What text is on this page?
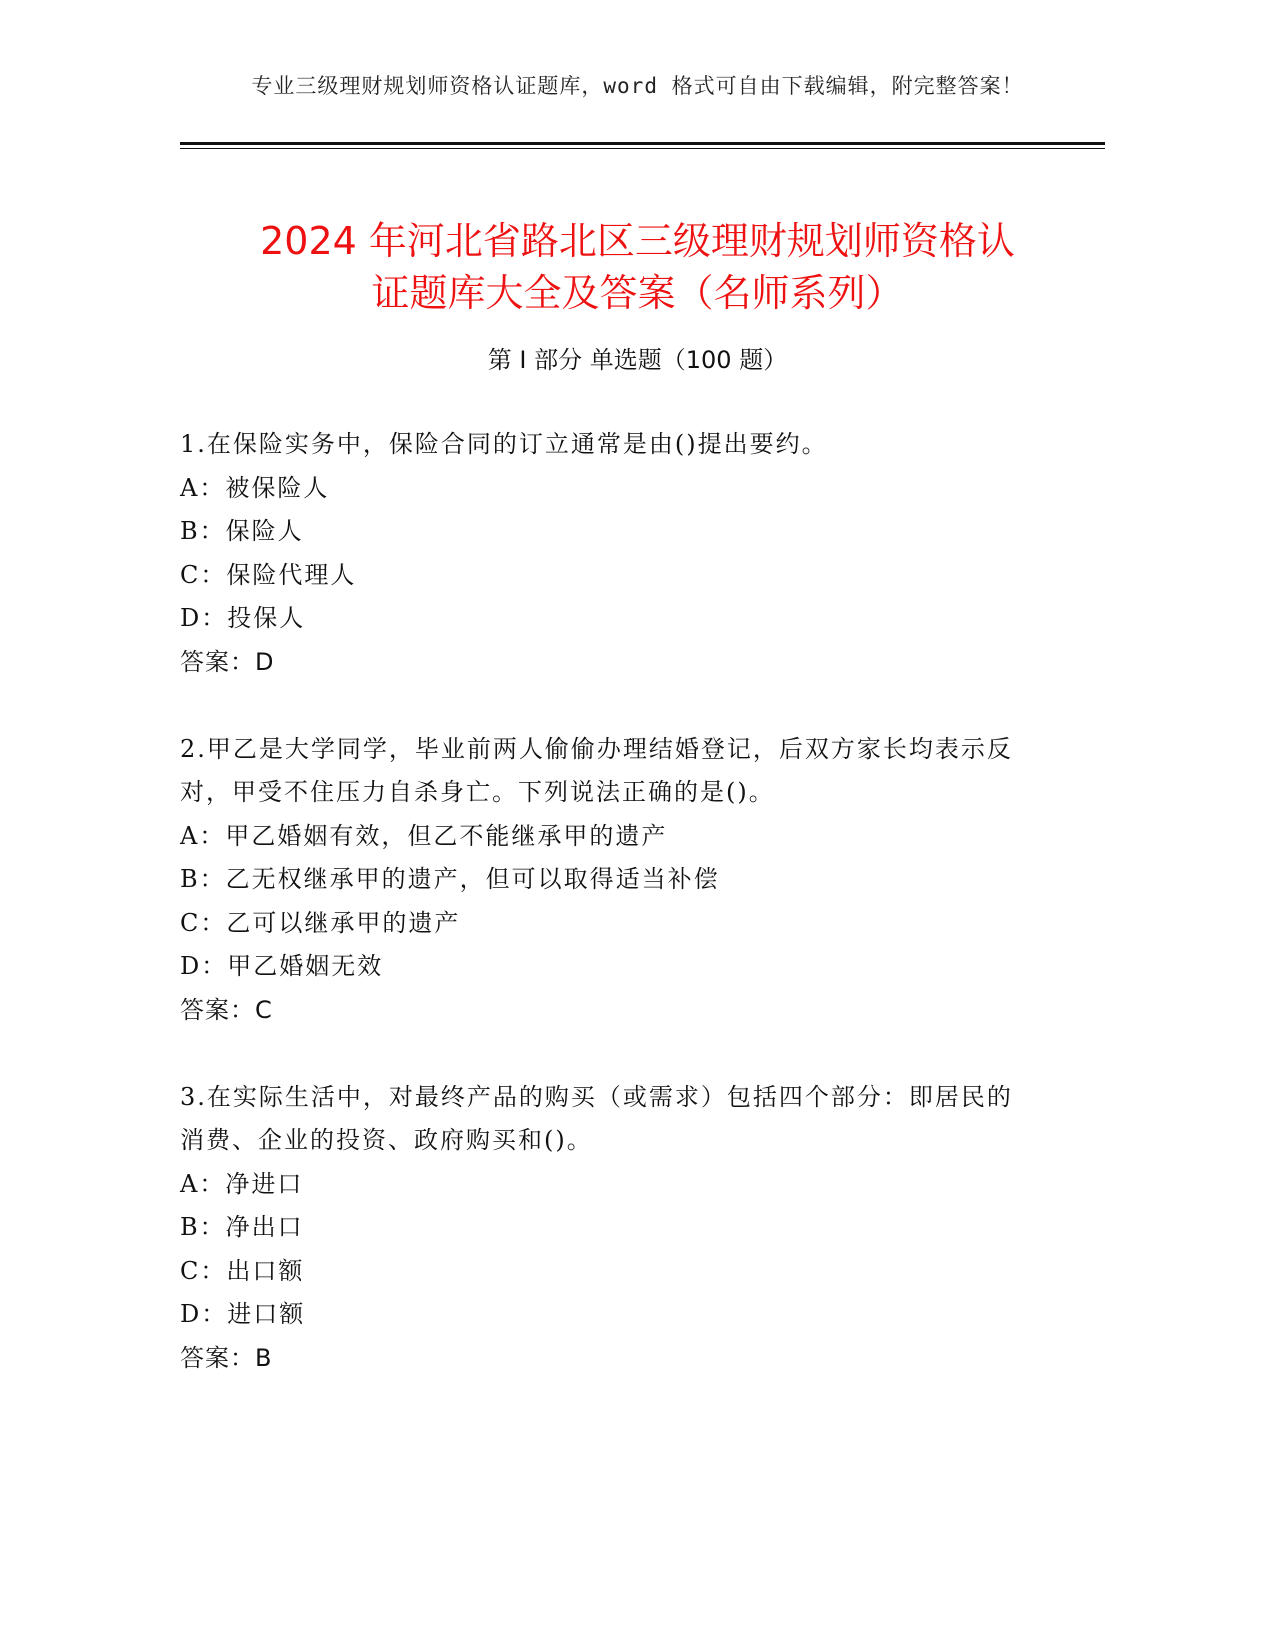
专业三级理财规划师资格认证题库，word 格式可自由下载编辑，附完整答案！
2024 年河北省路北区三级理财规划师资格认
证题库大全及答案（名师系列）
第 I 部分 单选题（100 题）

1.在保险实务中，保险合同的订立通常是由()提出要约。

A：被保险人

B：保险人

C：保险代理人

D：投保人

答案：D

2.甲乙是大学同学，毕业前两人偷偷办理结婚登记，后双方家长均表示反对，甲受不住压力自杀身亡。下列说法正确的是()。

A：甲乙婚姻有效，但乙不能继承甲的遗产

B：乙无权继承甲的遗产，但可以取得适当补偿

C：乙可以继承甲的遗产

D：甲乙婚姻无效

答案：C

3.在实际生活中，对最终产品的购买（或需求）包括四个部分：即居民的消费、企业的投资、政府购买和()。

A：净进口

B：净出口

C：出口额

D：进口额

答案：B
